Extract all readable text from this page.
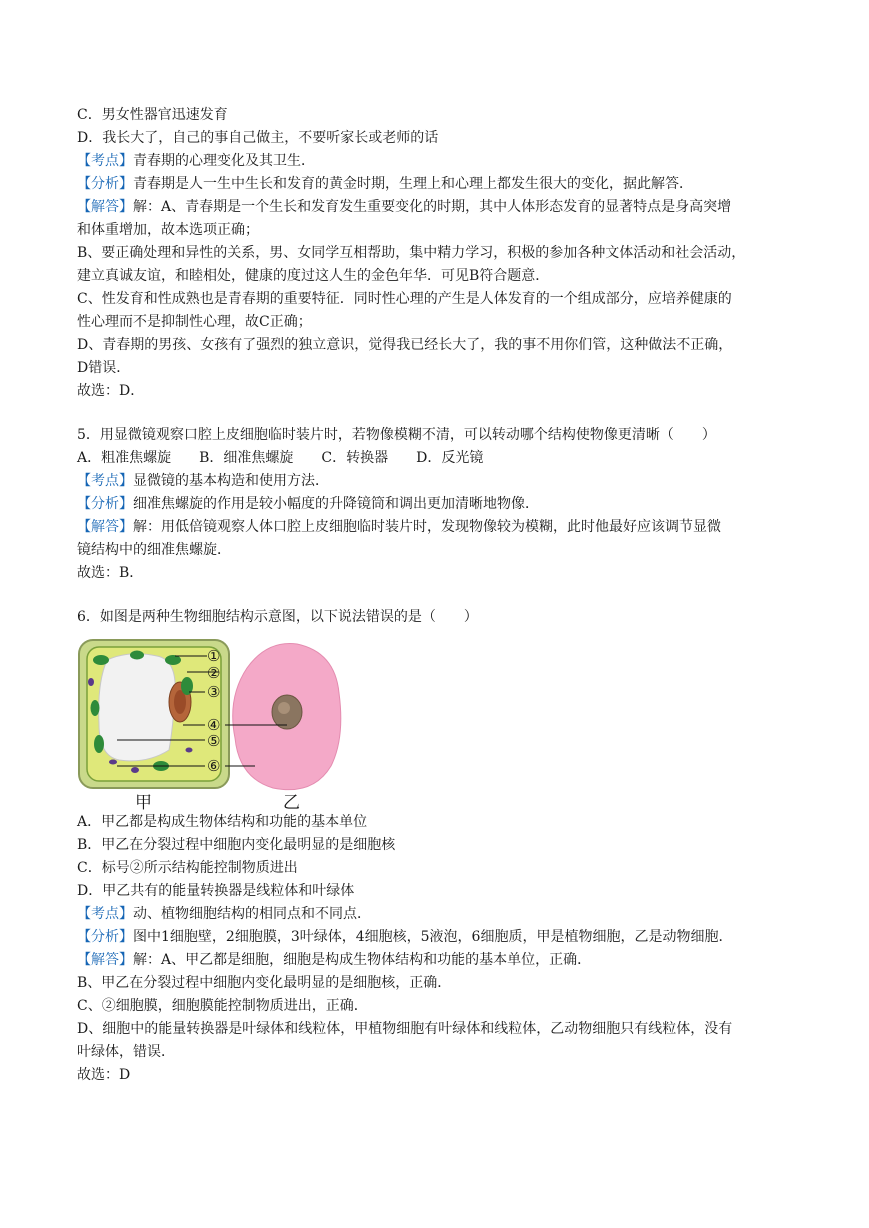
C．男女性器官迅速发育
D．我长大了，自己的事自己做主，不要听家长或老师的话
【考点】青春期的心理变化及其卫生．
【分析】青春期是人一生中生长和发育的黄金时期，生理上和心理上都发生很大的变化，据此解答．
【解答】解：A、青春期是一个生长和发育发生重要变化的时期，其中人体形态发育的显著特点是身高突增
和体重增加，故本选项正确；
B、要正确处理和异性的关系，男、女同学互相帮助，集中精力学习，积极的参加各种文体活动和社会活动，
建立真诚友谊，和睦相处，健康的度过这人生的金色年华．可见B符合题意．
C、性发育和性成熟也是青春期的重要特征．同时性心理的产生是人体发育的一个组成部分，应培养健康的
性心理而不是抑制性心理，故C正确；
D、青春期的男孩、女孩有了强烈的独立意识，觉得我已经长大了，我的事不用你们管，这种做法不正确，
D错误．
故选：D．
5．用显微镜观察口腔上皮细胞临时装片时，若物像模糊不清，可以转动哪个结构使物像更清晰（　　）
A．粗准焦螺旋　　B．细准焦螺旋　　C．转换器　　D．反光镜
【考点】显微镜的基本构造和使用方法．
【分析】细准焦螺旋的作用是较小幅度的升降镜筒和调出更加清晰地物像．
【解答】解：用低倍镜观察人体口腔上皮细胞临时装片时，发现物像较为模糊，此时他最好应该调节显微
镜结构中的细准焦螺旋．
故选：B．
6．如图是两种生物细胞结构示意图，以下说法错误的是（　　）
①
②
③
④
⑤
⑥
甲	乙
A．甲乙都是构成生物体结构和功能的基本单位
B．甲乙在分裂过程中细胞内变化最明显的是细胞核
C．标号②所示结构能控制物质进出
D．甲乙共有的能量转换器是线粒体和叶绿体
【考点】动、植物细胞结构的相同点和不同点．
【分析】图中1细胞壁，2细胞膜，3叶绿体，4细胞核，5液泡，6细胞质，甲是植物细胞，乙是动物细胞．
【解答】解：A、甲乙都是细胞，细胞是构成生物体结构和功能的基本单位，正确．
B、甲乙在分裂过程中细胞内变化最明显的是细胞核，正确．
C、②细胞膜，细胞膜能控制物质进出，正确．
D、细胞中的能量转换器是叶绿体和线粒体，甲植物细胞有叶绿体和线粒体，乙动物细胞只有线粒体，没有
叶绿体，错误．
故选：D
